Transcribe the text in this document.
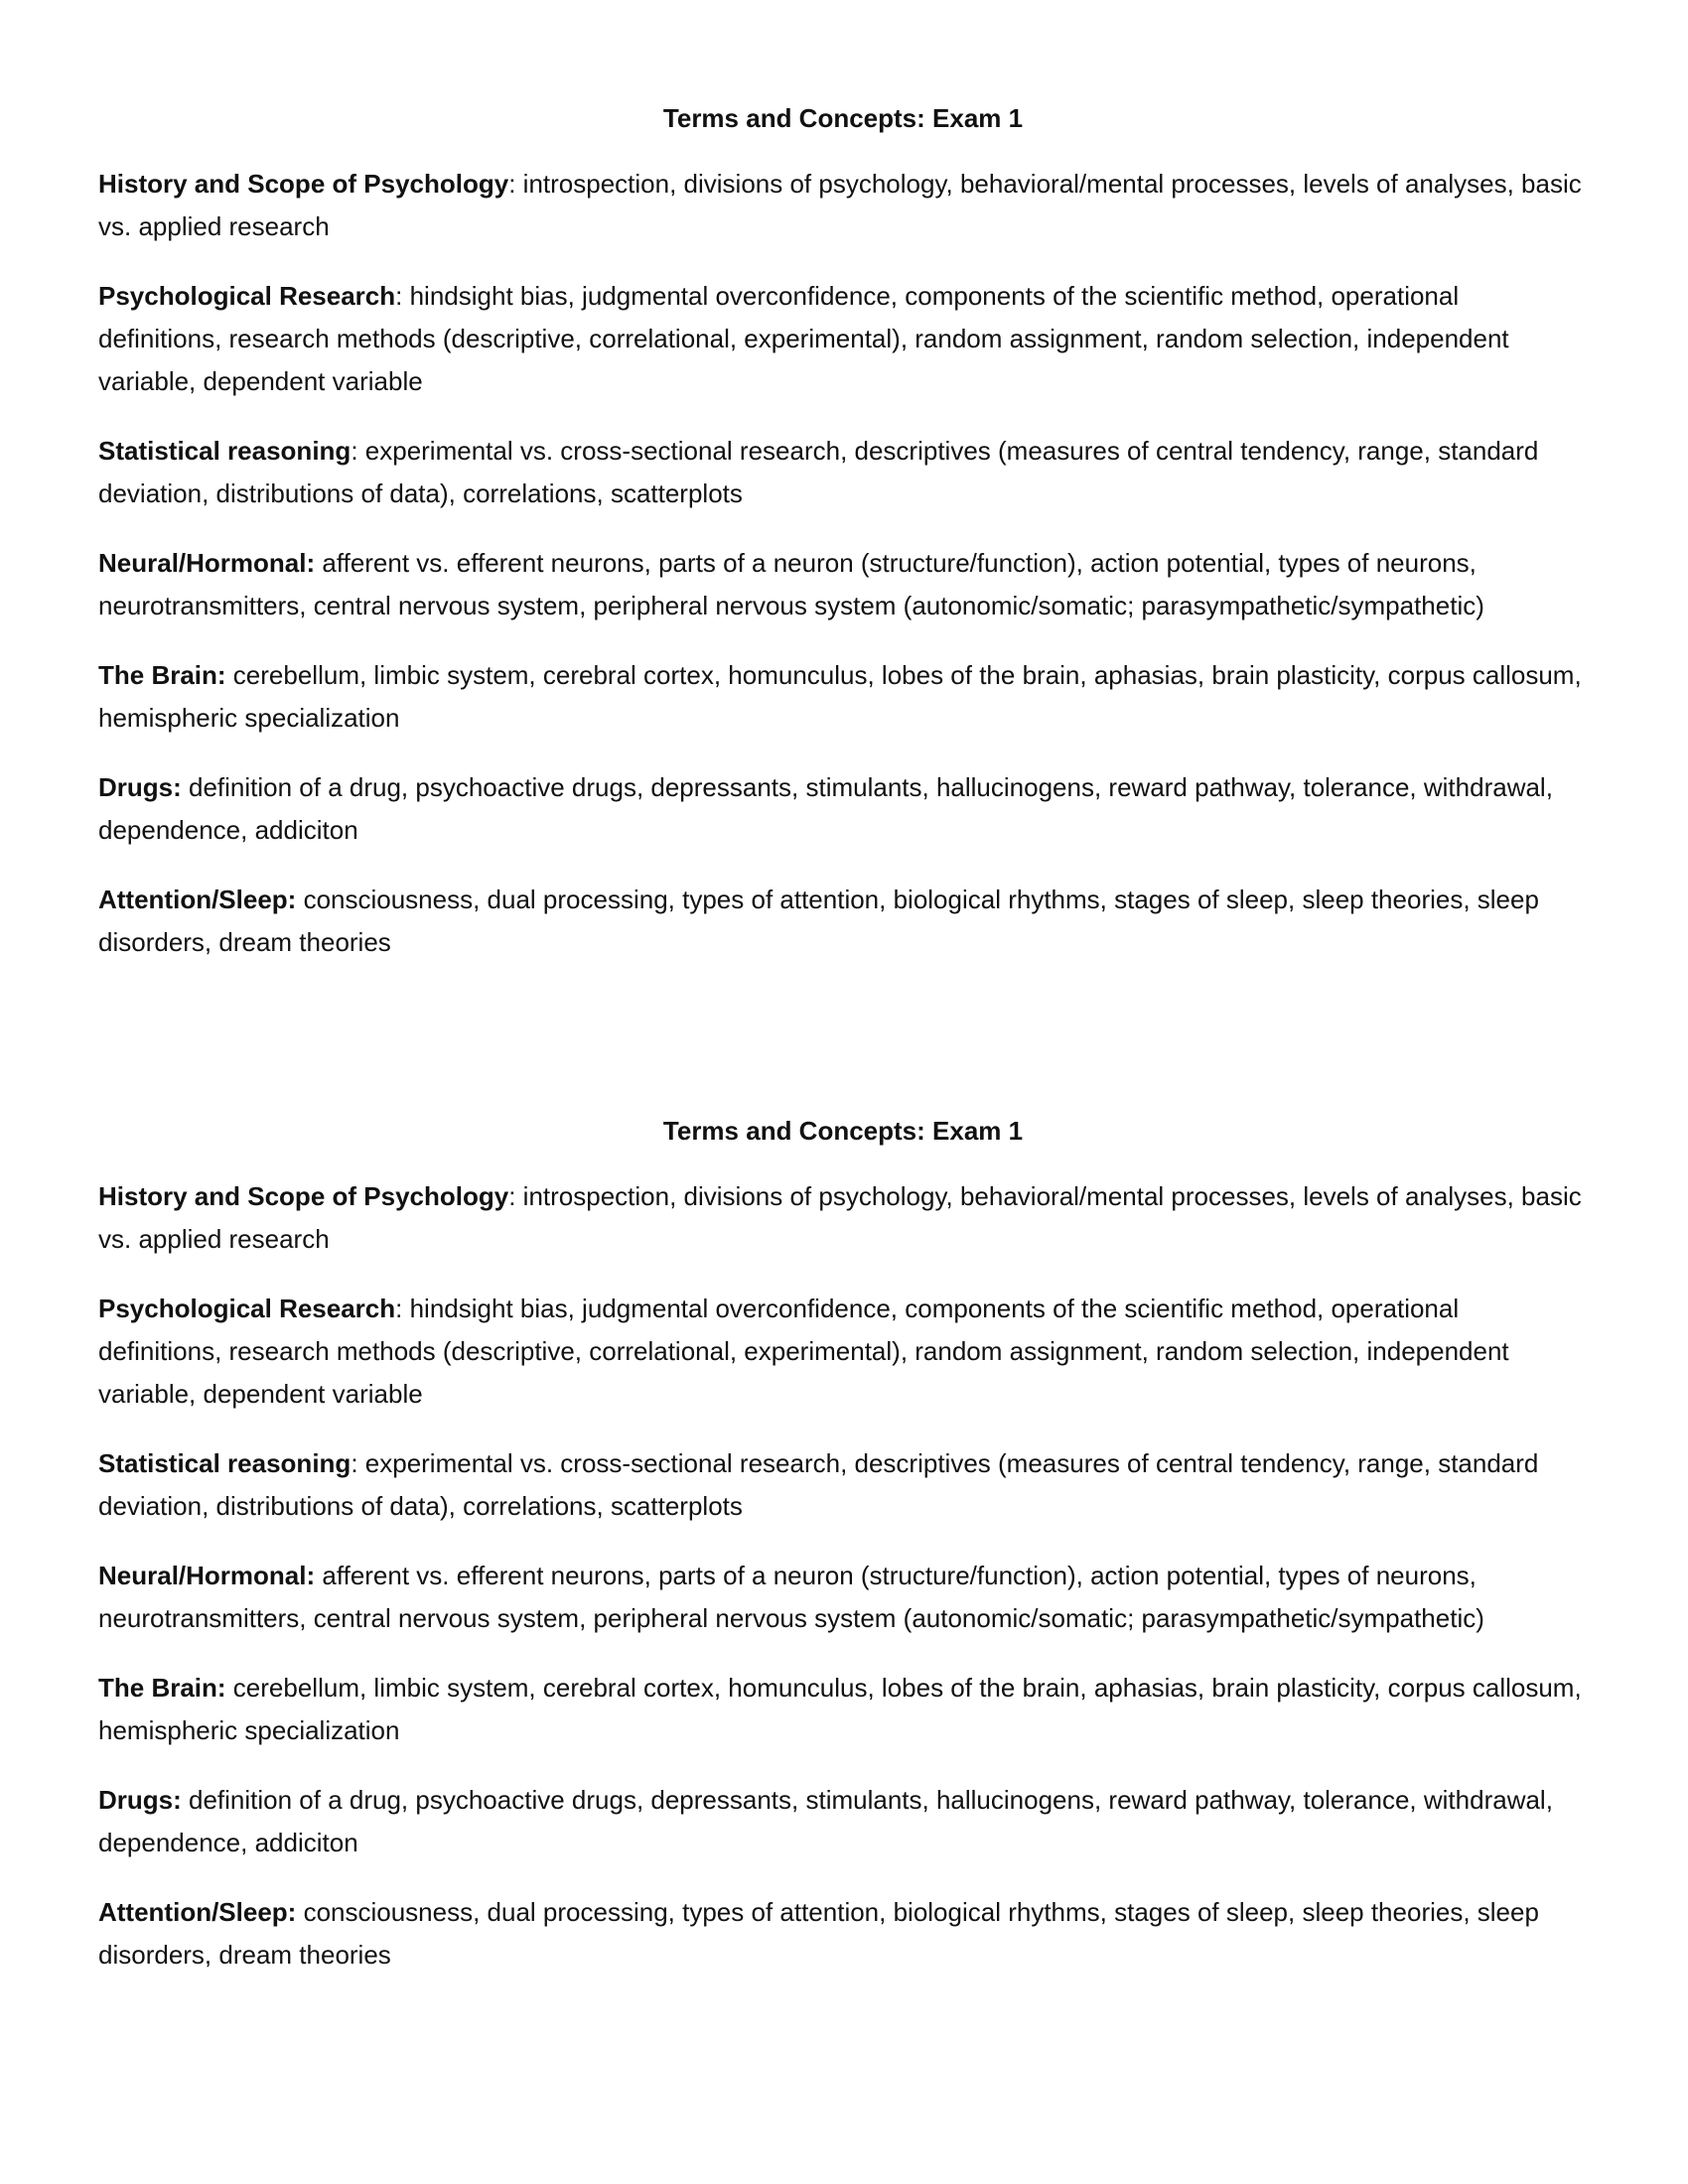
Terms and Concepts: Exam 1

History and Scope of Psychology: introspection, divisions of psychology, behavioral/mental processes, levels of analyses, basic vs. applied research

Psychological Research: hindsight bias, judgmental overconfidence, components of the scientific method, operational definitions, research methods (descriptive, correlational, experimental), random assignment, random selection, independent variable, dependent variable

Statistical reasoning: experimental vs. cross-sectional research, descriptives (measures of central tendency, range, standard deviation, distributions of data), correlations, scatterplots

Neural/Hormonal: afferent vs. efferent neurons, parts of a neuron (structure/function), action potential, types of neurons, neurotransmitters, central nervous system, peripheral nervous system (autonomic/somatic; parasympathetic/sympathetic)

The Brain: cerebellum, limbic system, cerebral cortex, homunculus, lobes of the brain, aphasias, brain plasticity, corpus callosum, hemispheric specialization

Drugs: definition of a drug, psychoactive drugs, depressants, stimulants, hallucinogens, reward pathway, tolerance, withdrawal, dependence, addiciton

Attention/Sleep: consciousness, dual processing, types of attention, biological rhythms, stages of sleep, sleep theories, sleep disorders, dream theories

Terms and Concepts: Exam 1

History and Scope of Psychology: introspection, divisions of psychology, behavioral/mental processes, levels of analyses, basic vs. applied research

Psychological Research: hindsight bias, judgmental overconfidence, components of the scientific method, operational definitions, research methods (descriptive, correlational, experimental), random assignment, random selection, independent variable, dependent variable

Statistical reasoning: experimental vs. cross-sectional research, descriptives (measures of central tendency, range, standard deviation, distributions of data), correlations, scatterplots

Neural/Hormonal: afferent vs. efferent neurons, parts of a neuron (structure/function), action potential, types of neurons, neurotransmitters, central nervous system, peripheral nervous system (autonomic/somatic; parasympathetic/sympathetic)

The Brain: cerebellum, limbic system, cerebral cortex, homunculus, lobes of the brain, aphasias, brain plasticity, corpus callosum, hemispheric specialization

Drugs: definition of a drug, psychoactive drugs, depressants, stimulants, hallucinogens, reward pathway, tolerance, withdrawal, dependence, addiciton

Attention/Sleep: consciousness, dual processing, types of attention, biological rhythms, stages of sleep, sleep theories, sleep disorders, dream theories
